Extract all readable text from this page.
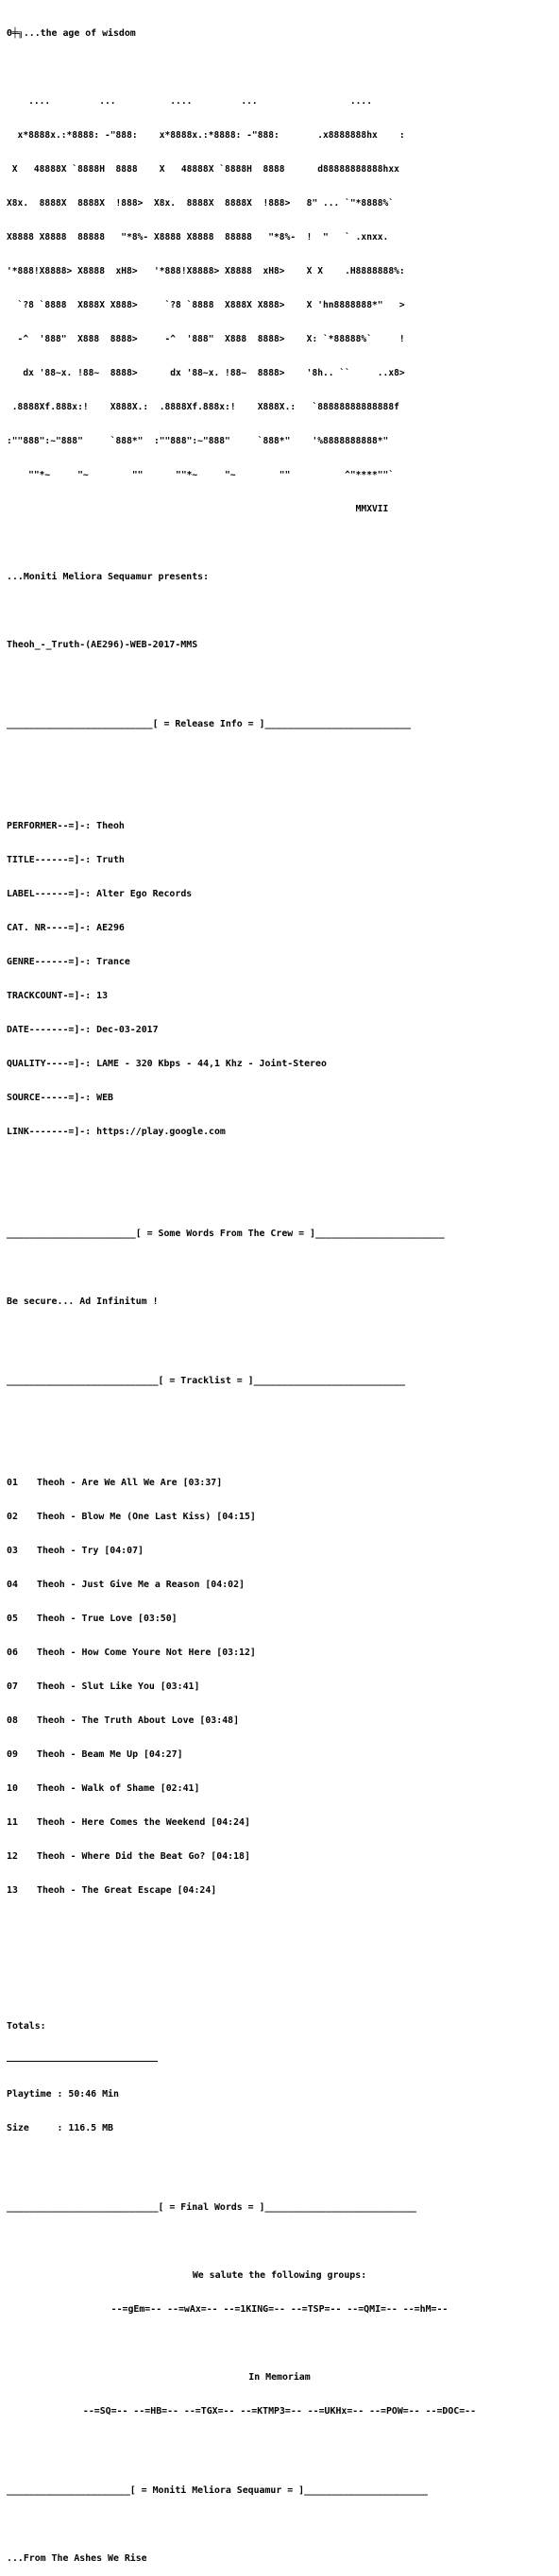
Θ╪╗...the age of wisdom

....         ...          ....         ...                 ....

x*8888x.:*8888: -"888:    x*8888x.:*8888: -"888:       .x8888888hx    :

X   48888X `8888H  8888    X   48888X `8888H  8888      d88888888888hxx

X8x.  8888X  8888X  !888>  X8x.  8888X  8888X  !888>   8" ... `"*8888%`

X8888 X8888  88888   "*8%- X8888 X8888  88888   "*8%-  !  "   ` .xnxx.

'*888!X8888> X8888  xH8>   '*888!X8888> X8888  xH8>    X X    .H8888888%:

`?8 `8888  X888X X888>     `?8 `8888  X888X X888>    X 'hn8888888*"   >

-^  '888"  X888  8888>     -^  '888"  X888  8888>    X: `*88888%`     !

dx '88~x. !88~  8888>      dx '88~x. !88~  8888>    '8h.. ``     ..x8>

.8888Xf.888x:!    X888X.:  .8888Xf.888x:!    X888X.:   `88888888888888f

:""888":~"888"     `888*"  :""888":~"888"     `888*"    '%8888888888*"

""*~     "~        ""      ""*~     "~        ""          ^"****""`

MMXVII

...Moniti Meliora Sequamur presents:

Theoh_-_Truth-(AE296)-WEB-2017-MMS

__________________________[ = Release Info = ]__________________________

PERFORMER--=]-: Theoh

TITLE------=]-: Truth

LABEL------=]-: Alter Ego Records

CAT. NR----=]-: AE296

GENRE------=]-: Trance

TRACKCOUNT-=]-: 13

DATE-------=]-: Dec-03-2017

QUALITY----=]-: LAME - 320 Kbps - 44,1 Khz - Joint-Stereo

SOURCE-----=]-: WEB

LINK-------=]-: https://play.google.com

_______________________[ = Some Words From The Crew = ]_______________________

Be secure... Ad Infinitum !

___________________________[ = Tracklist = ]___________________________

01 Theoh - Are We All We Are [03:37]

02 Theoh - Blow Me (One Last Kiss) [04:15]

03 Theoh - Try [04:07]

04 Theoh - Just Give Me a Reason [04:02]

05 Theoh - True Love [03:50]

06 Theoh - How Come Youre Not Here [03:12]

07 Theoh - Slut Like You [03:41]

08 Theoh - The Truth About Love [03:48]

09 Theoh - Beam Me Up [04:27]

10 Theoh - Walk of Shame [02:41]

11 Theoh - Here Comes the Weekend [04:24]

12 Theoh - Where Did the Beat Go? [04:18]

13 Theoh - The Great Escape [04:24]

Totals:

Playtime : 50:46 Min

Size     : 116.5 MB

___________________________[ = Final Words = ]___________________________

We salute the following groups:

--=gEm=-- --=wAx=-- --=1KING=-- --=TSP=-- --=QMI=-- --=hM=--

In Memoriam

--=SQ=-- --=HB=-- --=TGX=-- --=KTMP3=-- --=UKHx=-- --=POW=-- --=DOC=--

______________________[ = Moniti Meliora Sequamur = ]______________________

...From The Ashes We Rise
